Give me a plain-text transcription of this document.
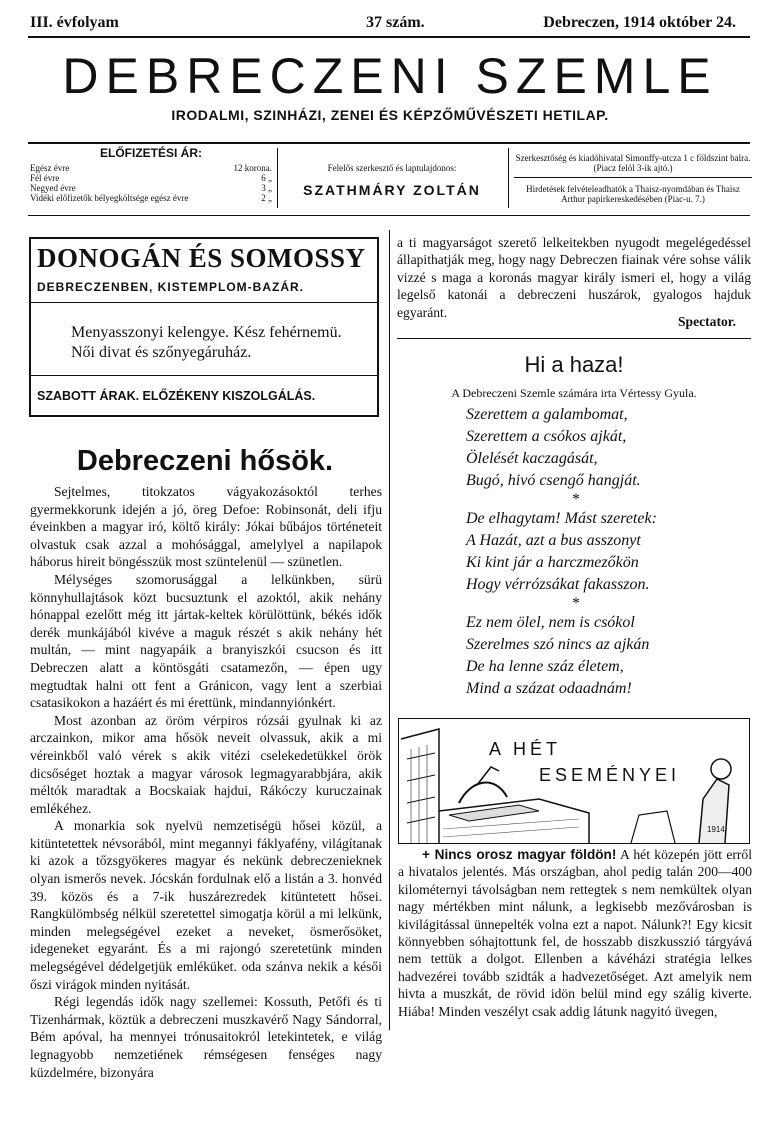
III. évfolyam	37 szám.	Debreczen, 1914 október 24.
DEBRECZENI SZEMLE
IRODALMI, SZINHÁZI, ZENEI ÉS KÉPZŐMŰVÉSZETI HETILAP.
ELŐFIZETÉSI ÁR:
Egész évre	12 korona.
Fél évre	6 „
Negyed évre	3 „
Vidéki előfizetők bélyegköltsége egész évre	2 „
Felelős szerkesztő és laptulajdonos:
SZATHMÁRY ZOLTÁN
Szerkesztőség és kiadóhivatal Simonffy-utcza 1 c földszint balra. (Piacz felöl 3-ik ajtó.)
Hirdetések felvételeadhatók a Thaisz-nyomdában és Thaisz Arthur papirkereskedésében (Piac-u. 7.)
DONOGÁN ÉS SOMOSSY
DEBRECZENBEN, KISTEMPLOM-BAZÁR.
Menyasszonyi kelengye. Kész fehérnemü. Női divat és szőnyegáruház.
SZABOTT ÁRAK. ELŐZÉKENY KISZOLGÁLÁS.
Debreczeni hősök.

Sejtelmes, titokzatos vágyakozásoktól terhes gyermekkorunk idején a jó, öreg Defoe: Robinsonát, deli ifju éveinkben a magyar iró, költő király: Jókai bűbájos történeteit olvastuk csak azzal a mohósággal, amelylyel a napilapok háborus hireit böngésszük most szüntelenül — szünetlen.

Mélységes szomorusággal a lelkünkben, sürü könnyhullajtások közt bucsuztunk el azoktól, akik nehány hónappal ezelőtt még itt jártak-keltek körülöttünk, békés idők derék munkájából kivéve a maguk részét s akik nehány hét multán, — mint nagyapáik a branyiszkói csucson és itt Debreczen alatt a köntösgáti csatamezőn, — épen ugy megtudtak halni ott fent a Gránicon, vagy lent a szerbiai csatasikokon a hazáért és mi érettünk, mindannyiónkért.

Most azonban az öröm vérpiros rózsái gyulnak ki az arczainkon, mikor ama hősök neveit olvassuk, akik a mi véreinkből való vérek s akik vitézi cselekedetükkel örök dicsőséget hoztak a magyar városok legmagyarabbjára, akik méltók maradtak a Bocskaiak hajdui, Rákóczy kuruczainak emlékéhez.

A monarkia sok nyelvü nemzetiségü hősei közül, a kitüntetettek névsorából, mint megannyi fáklyafény, világítanak ki azok a tőzsgyökeres magyar és nekünk debreczenieknek olyan ismerős nevek. Jócskán fordulnak elő a listán a 3. honvéd 39. közös és a 7-ik huszárezredek kitüntetett hősei. Rangkülömbség nélkül szeretettel simogatja körül a mi lelkünk, minden melegségével ezeket a neveket, ösmerősöket, idegeneket egyaránt. És a mi rajongó szeretetünk minden melegségével dédelgetjük emléküket. oda szánva nekik a késői őszi virágok minden nyitását.

Régi legendás idők nagy szellemei: Kossuth, Petőfi és ti Tizenhármak, köztük a debreczeni muszkavérő Nagy Sándorral, Bém apóval, ha mennyei trónusaitokról letekintetek, e világ legnagyobb nemzetiének rémségesen fenséges nagy küzdelmére, bizonyára

a ti magyarságot szerető lelkeitekben nyugodt megelégedéssel állapithatják meg, hogy nagy Debreczen fiainak vére sohse válik vizzé s maga a koronás magyar király ismeri el, hogy a világ legelső katonái a debreczeni huszárok, gyalogos hajduk egyaránt.
Spectator.
Hi a haza!
A Debreczeni Szemle számára irta Vértessy Gyula.
Szerettem a galambomat,
Szerettem a csókos ajkát,
Ölelését kaczagását,
Bugó, hivó csengő hangját.
*
De elhagytam! Mást szeretek:
A Hazát, azt a bus asszonyt
Ki kint jár a harczmezőkön
Hogy vérrózsákat fakasszon.
*
Ez nem ölel, nem is csókol
Szerelmes szó nincs az ajkán
De ha lenne száz életem,
Mind a százat odaadnám!
A HÉT
ESEMÉNYEI
1914
+ Nincs orosz magyar földön! A hét közepén jött erről a hivatalos jelentés. Más országban, ahol pedig talán 200—400 kilométernyi távolságban nem rettegtek s nem nemkültek olyan nagy mértékben mint nálunk, a legkisebb mezővárosban is kivilágitással ünnepelték volna ezt a napot. Nálunk?! Egy kicsit könnyebben sóhajtottunk fel, de hosszabb diszkusszió tárgyává nem tettük a dolgot. Ellenben a kávéházi stratégia lelkes hadvezérei tovább szidták a hadvezetőséget. Azt amelyik nem hivta a muszkát, de rövid idön belül mind egy szálig kiverte. Hiába! Minden veszélyt csak addig látunk nagyitó üvegen,
